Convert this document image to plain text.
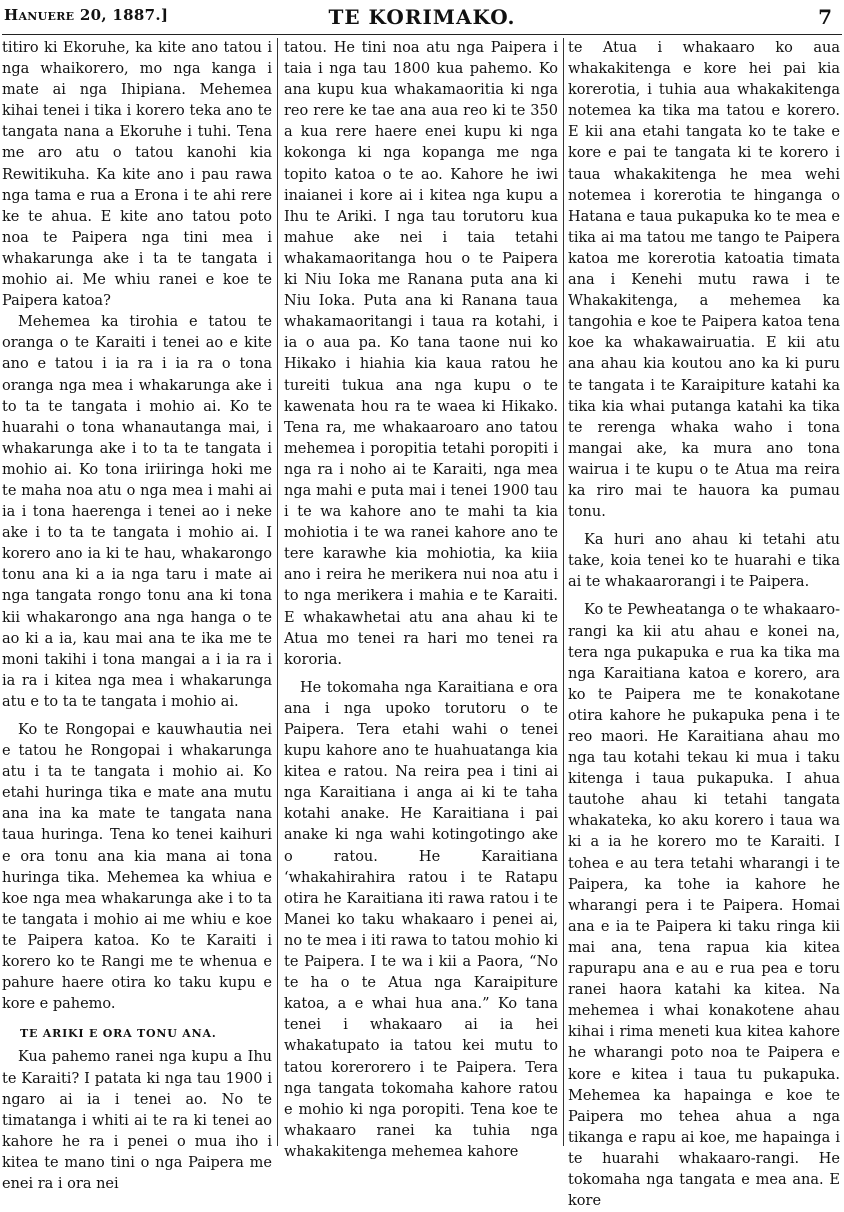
Hanuere 20, 1887.]	TE KORIMAKO.	7

titiro ki Ekoruhe, ka kite ano tatou i nga whaikorero, mo nga kanga i mate ai nga Ihipiana. Mehemea kihai tenei i tika i korero teka ano te tangata nana a Ekoruhe i tuhi. Tena me aro atu o tatou kanohi kia Rewitikuha. Ka kite ano i pau rawa nga tama e rua a Erona i te ahi rere ke te ahua. E kite ano tatou poto noa te Paipera nga tini mea i whakarunga ake i ta te tangata i mohio ai. Me whiu ranei e koe te Paipera katoa?

Mehemea ka tirohia e tatou te oranga o te Karaiti i tenei ao e kite ano e tatou i ia ra i ia ra o tona oranga nga mea i whakarunga ake i to ta te tangata i mohio ai. Ko te huarahi o tona whanautanga mai, i whakarunga ake i to ta te tangata i mohio ai. Ko tona iriiringa hoki me te maha noa atu o nga mea i mahi ai ia i tona haerenga i tenei ao i neke ake i to ta te tangata i mohio ai. I korero ano ia ki te hau, whakarongo tonu ana ki a ia nga taru i mate ai nga tangata rongo tonu ana ki tona kii whakarongo ana nga hanga o te ao ki a ia, kau mai ana te ika me te moni takihi i tona mangai a i ia ra i ia ra i kitea nga mea i whakarunga atu e to ta te tangata i mohio ai.

Ko te Rongopai e kauwhautia nei e tatou he Rongopai i whakarunga atu i ta te tangata i mohio ai. Ko etahi huringa tika e mate ana mutu ana ina ka mate te tangata nana taua huringa. Tena ko tenei kaihuri e ora tonu ana kia mana ai tona huringa tika. Mehemea ka whiua e koe nga mea whakarunga ake i to ta te tangata i mohio ai me whiu e koe te Paipera katoa. Ko te Karaiti i korero ko te Rangi me te whenua e pahure haere otira ko taku kupu e kore e pahemo.

TE ARIKI E ORA TONU ANA.

Kua pahemo ranei nga kupu a Ihu te Karaiti? I patata ki nga tau 1900 i ngaro ai ia i tenei ao. No te timatanga i whiti ai te ra ki tenei ao kahore he ra i penei o mua iho i kitea te mano tini o nga Paipera me enei ra i ora nei

tatou. He tini noa atu nga Paipera i taia i nga tau 1800 kua pahemo. Ko ana kupu kua whakamaoritia ki nga reo rere ke tae ana aua reo ki te 350 a kua rere haere enei kupu ki nga kokonga ki nga kopanga me nga topito katoa o te ao. Kahore he iwi inaianei i kore ai i kitea nga kupu a Ihu te Ariki. I nga tau torutoru kua mahue ake nei i taia tetahi whakamaoritanga hou o te Paipera ki Niu Ioka me Ranana puta ana ki Niu Ioka. Puta ana ki Ranana taua whakamaoritangi i taua ra kotahi, i ia o aua pa. Ko tana taone nui ko Hikako i hiahia kia kaua ratou he tureiti tukua ana nga kupu o te kawenata hou ra te waea ki Hikako. Tena ra, me whakaaroaro ano tatou mehemea i poropitia tetahi poropiti i nga ra i noho ai te Karaiti, nga mea nga mahi e puta mai i tenei 1900 tau i te wa kahore ano te mahi ta kia mohiotia i te wa ranei kahore ano te tere karawhe kia mohiotia, ka kiia ano i reira he merikera nui noa atu i to nga merikera i mahia e te Karaiti. E whakawhetai atu ana ahau ki te Atua mo tenei ra hari mo tenei ra kororia.

He tokomaha nga Karaitiana e ora ana i nga upoko torutoru o te Paipera. Tera etahi wahi o tenei kupu kahore ano te huahuatanga kia kitea e ratou. Na reira pea i tini ai nga Karaitiana i anga ai ki te taha kotahi anake. He Karaitiana i pai anake ki nga wahi kotingotingo ake o ratou. He Karaitiana ‘whakahirahira ratou i te Ratapu otira he Karaitiana iti rawa ratou i te Manei ko taku whakaaro i penei ai, no te mea i iti rawa to tatou mohio ki te Paipera. I te wa i kii a Paora, “No te ha o te Atua nga Karaipiture katoa, a e whai hua ana.” Ko tana tenei i whakaaro ai ia hei whakatupato ia tatou kei mutu to tatou korerorero i te Paipera. Tera nga tangata tokomaha kahore ratou e mohio ki nga poropiti. Tena koe te whakaaro ranei ka tuhia nga whakakitenga mehemea kahore

te Atua i whakaaro ko aua whakakitenga e kore hei pai kia korerotia, i tuhia aua whakakitenga notemea ka tika ma tatou e korero. E kii ana etahi tangata ko te take e kore e pai te tangata ki te korero i taua whakakitenga he mea wehi notemea i korerotia te hinganga o Hatana e taua pukapuka ko te mea e tika ai ma tatou me tango te Paipera katoa me korerotia katoatia timata ana i Kenehi mutu rawa i te Whakakitenga, a mehemea ka tangohia e koe te Paipera katoa tena koe ka whakawairuatia. E kii atu ana ahau kia koutou ano ka ki puru te tangata i te Karaipiture katahi ka tika kia whai putanga katahi ka tika te rerenga whaka waho i tona mangai ake, ka mura ano tona wairua i te kupu o te Atua ma reira ka riro mai te hauora ka pumau tonu.

Ka huri ano ahau ki tetahi atu take, koia tenei ko te huarahi e tika ai te whakaarorangi i te Paipera.

Ko te Pewheatanga o te whakaaro-rangi ka kii atu ahau e konei na, tera nga pukapuka e rua ka tika ma nga Karaitiana katoa e korero, ara ko te Paipera me te konakotane otira kahore he pukapuka pena i te reo maori. He Karaitiana ahau mo nga tau kotahi tekau ki mua i taku kitenga i taua pukapuka. I ahua tautohe ahau ki tetahi tangata whakateka, ko aku korero i taua wa ki a ia he korero mo te Karaiti. I tohea e au tera tetahi wharangi i te Paipera, ka tohe ia kahore he wharangi pera i te Paipera. Homai ana e ia te Paipera ki taku ringa kii mai ana, tena rapua kia kitea rapurapu ana e au e rua pea e toru ranei haora katahi ka kitea. Na mehemea i whai konakotene ahau kihai i rima meneti kua kitea kahore he wharangi poto noa te Paipera e kore e kitea i taua tu pukapuka. Mehemea ka hapainga e koe te Paipera mo tehea ahua a nga tikanga e rapu ai koe, me hapainga i te huarahi whakaaro-rangi. He tokomaha nga tangata e mea ana. E kore
